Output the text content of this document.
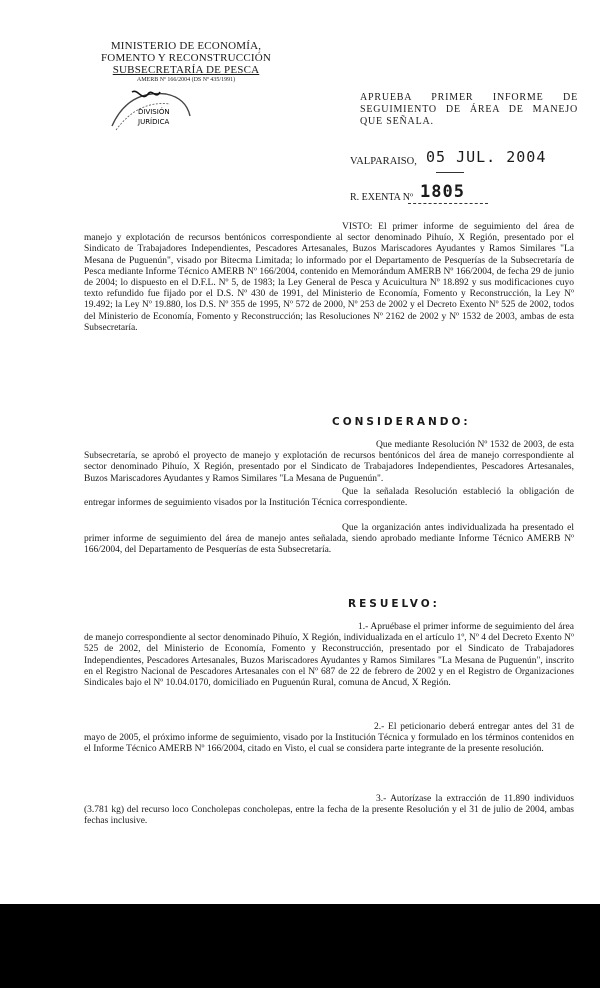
MINISTERIO DE ECONOMÍA,
FOMENTO Y RECONSTRUCCIÓN
SUBSECRETARÍA DE PESCA
AMERB Nº 166/2004 (DS Nº 435/1991)
DIVISIÓN
JURÍDICA
APRUEBA PRIMER INFORME DE SEGUIMIENTO DE ÁREA DE MANEJO QUE SEÑALA.
VALPARAISO, 05 JUL. 2004
R. EXENTA Nº 1805
VISTO: El primer informe de seguimiento del área de manejo y explotación de recursos bentónicos correspondiente al sector denominado Pihuío, X Región, presentado por el Sindicato de Trabajadores Independientes, Pescadores Artesanales, Buzos Mariscadores Ayudantes y Ramos Similares "La Mesana de Puguenún", visado por Bitecma Limitada; lo informado por el Departamento de Pesquerías de la Subsecretaría de Pesca mediante Informe Técnico AMERB Nº 166/2004, contenido en Memorándum AMERB Nº 166/2004, de fecha 29 de junio de 2004; lo dispuesto en el D.F.L. Nº 5, de 1983; la Ley General de Pesca y Acuicultura Nº 18.892 y sus modificaciones cuyo texto refundido fue fijado por el D.S. Nº 430 de 1991, del Ministerio de Economía, Fomento y Reconstrucción, la Ley Nº 19.492; la Ley Nº 19.880, los D.S. Nº 355 de 1995, Nº 572 de 2000, Nº 253 de 2002 y el Decreto Exento Nº 525 de 2002, todos del Ministerio de Economía, Fomento y Reconstrucción; las Resoluciones Nº 2162 de 2002 y Nº 1532 de 2003, ambas de esta Subsecretaría.
CONSIDERANDO:
Que mediante Resolución Nº 1532 de 2003, de esta Subsecretaría, se aprobó el proyecto de manejo y explotación de recursos bentónicos del área de manejo correspondiente al sector denominado Pihuío, X Región, presentado por el Sindicato de Trabajadores Independientes, Pescadores Artesanales, Buzos Mariscadores Ayudantes y Ramos Similares "La Mesana de Puguenún".
Que la señalada Resolución estableció la obligación de entregar informes de seguimiento visados por la Institución Técnica correspondiente.
Que la organización antes individualizada ha presentado el primer informe de seguimiento del área de manejo antes señalada, siendo aprobado mediante Informe Técnico AMERB Nº 166/2004, del Departamento de Pesquerías de esta Subsecretaría.
RESUELVO:
1.- Apruébase el primer informe de seguimiento del área de manejo correspondiente al sector denominado Pihuío, X Región, individualizada en el artículo 1º, Nº 4 del Decreto Exento Nº 525 de 2002, del Ministerio de Economía, Fomento y Reconstrucción, presentado por el Sindicato de Trabajadores Independientes, Pescadores Artesanales, Buzos Mariscadores Ayudantes y Ramos Similares "La Mesana de Puguenún", inscrito en el Registro Nacional de Pescadores Artesanales con el Nº 687 de 22 de febrero de 2002 y en el Registro de Organizaciones Sindicales bajo el Nº 10.04.0170, domiciliado en Puguenún Rural, comuna de Ancud, X Región.
2.- El peticionario deberá entregar antes del 31 de mayo de 2005, el próximo informe de seguimiento, visado por la Institución Técnica y formulado en los términos contenidos en el Informe Técnico AMERB Nº 166/2004, citado en Visto, el cual se considera parte integrante de la presente resolución.
3.- Autorízase la extracción de 11.890 individuos (3.781 kg) del recurso loco Concholepas concholepas, entre la fecha de la presente Resolución y el 31 de julio de 2004, ambas fechas inclusive.
